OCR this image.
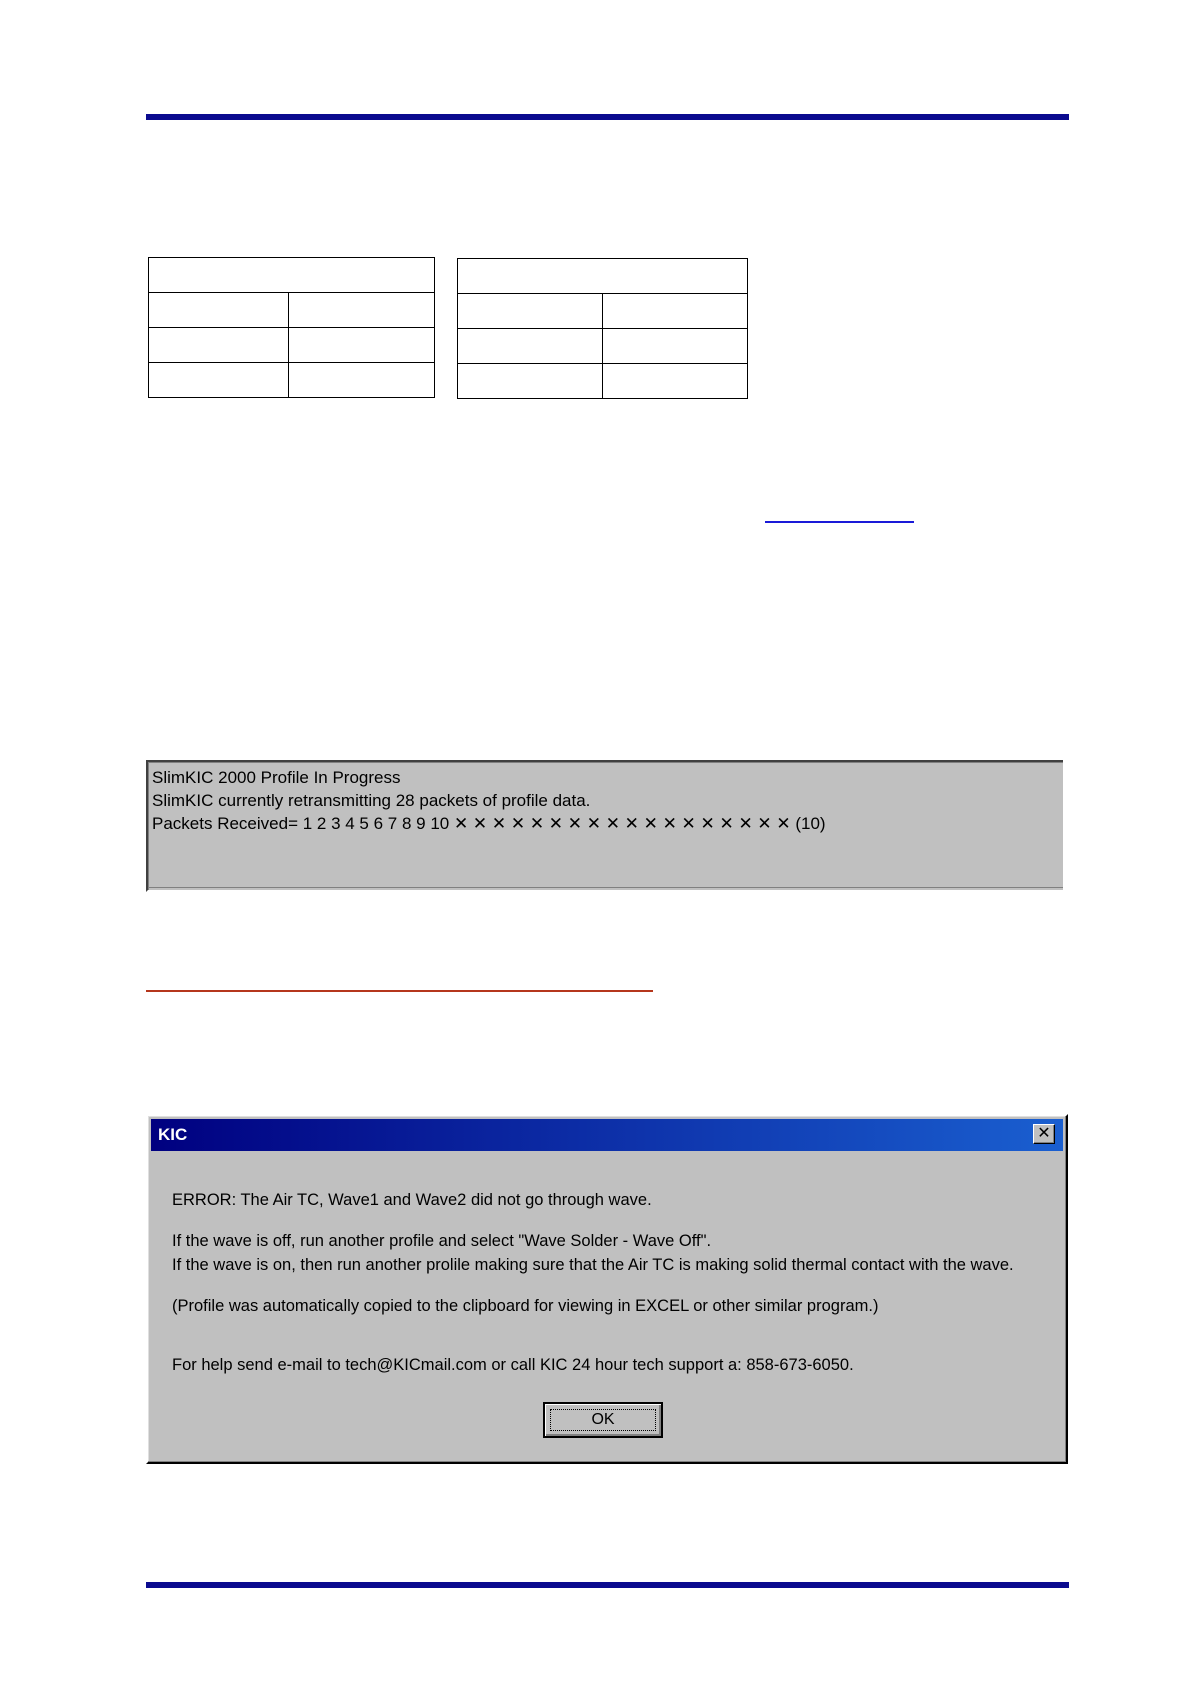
SlimKIC 2000 Profile In Progress
SlimKIC currently retransmitting 28 packets of profile data.
Packets Received= 1 2 3 4 5 6 7 8 9 10 ✕ ✕ ✕ ✕ ✕ ✕ ✕ ✕ ✕ ✕ ✕ ✕ ✕ ✕ ✕ ✕ ✕ ✕ (10)
KIC	✕
ERROR: The Air TC, Wave1 and Wave2 did not go through wave.
If the wave is off, run another profile and select "Wave Solder - Wave Off".
If the wave is on, then run another prolile making sure that the Air TC is making solid thermal contact with the wave.
(Profile was automatically copied to the clipboard for viewing in EXCEL or other similar program.)
For help send e-mail to tech@KICmail.com or call KIC 24 hour tech support a: 858-673-6050.
OK
